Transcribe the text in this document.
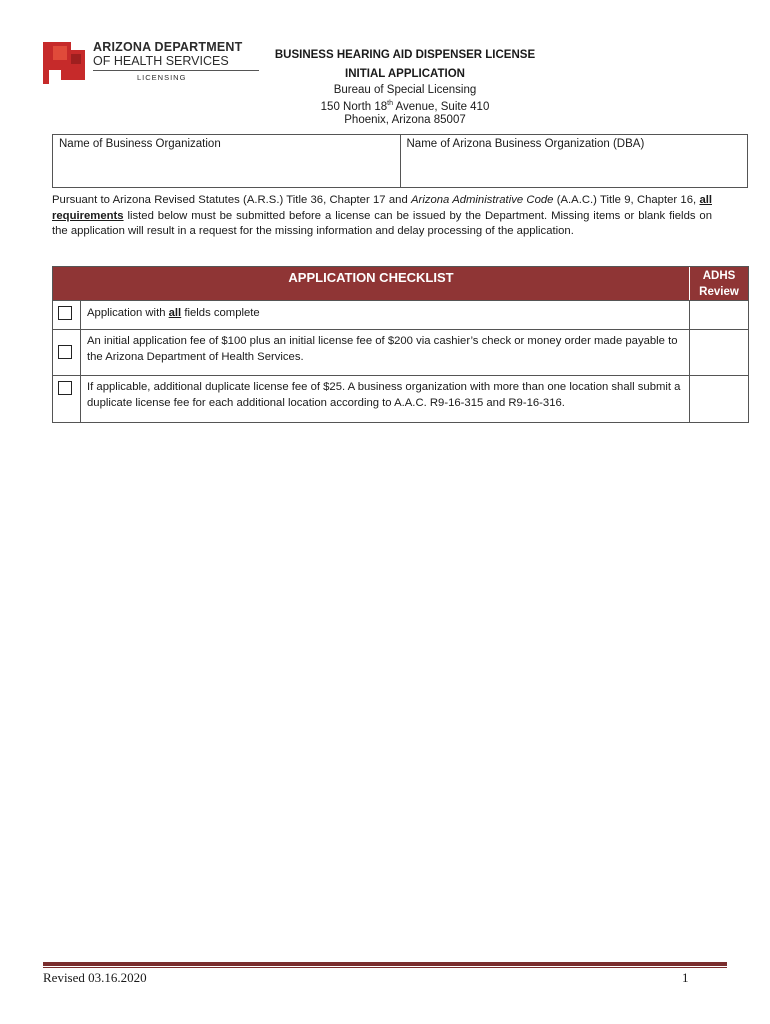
ARIZONA DEPARTMENT
OF HEALTH SERVICES
LICENSING
BUSINESS HEARING AID DISPENSER LICENSE
INITIAL APPLICATION
Bureau of Special Licensing
150 North 18th Avenue, Suite 410
Phoenix, Arizona 85007
Name of Business Organization	Name of Arizona Business Organization (DBA)
Pursuant to Arizona Revised Statutes (A.R.S.) Title 36, Chapter 17 and Arizona Administrative Code (A.A.C.) Title 9, Chapter 16, all requirements listed below must be submitted before a license can be issued by the Department. Missing items or blank fields on the application will result in a request for the missing information and delay processing of the application.
APPLICATION CHECKLIST	ADHS
Review
Application with all fields complete
An initial application fee of $100 plus an initial license fee of $200 via cashier’s check or money order made payable to the Arizona Department of Health Services.
If applicable, additional duplicate license fee of $25. A business organization with more than one location shall submit a duplicate license fee for each additional location according to A.A.C. R9-16-315 and R9-16-316.
Revised 03.16.2020	1
